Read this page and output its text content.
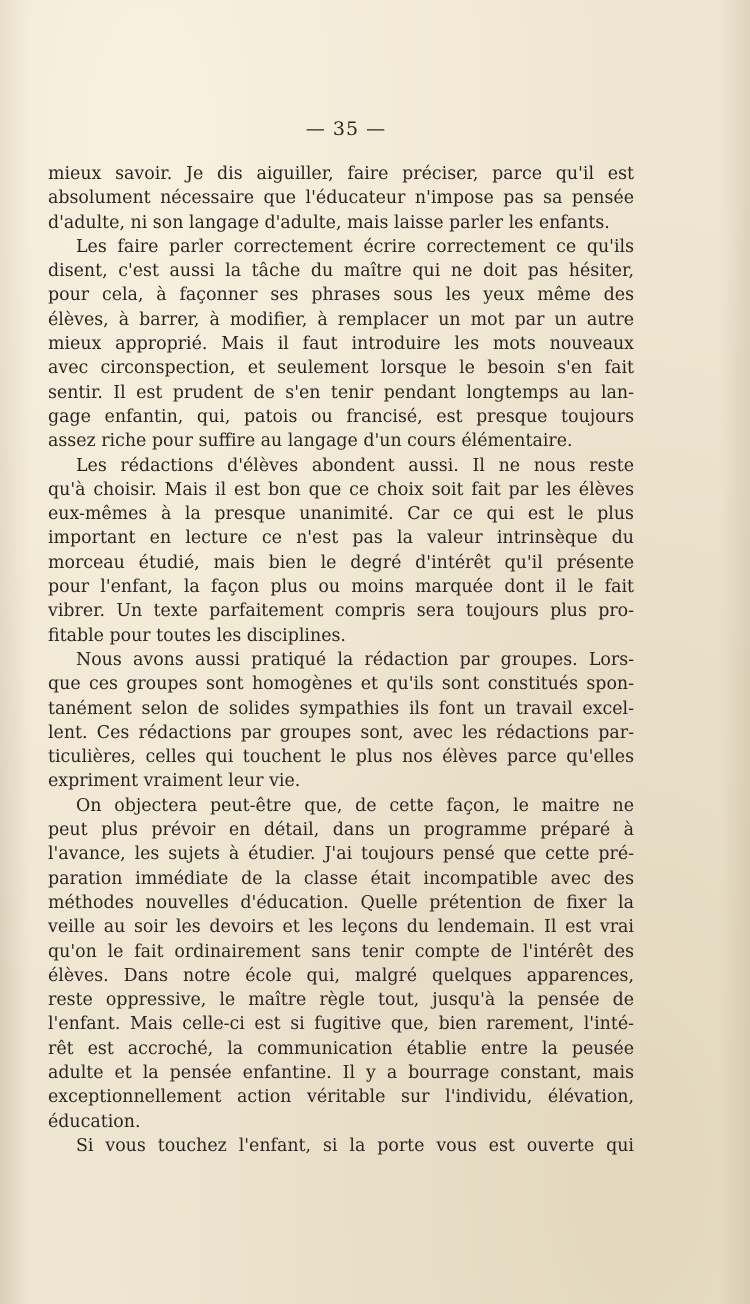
— 35 —
mieux savoir. Je dis aiguiller, faire préciser, parce qu'il est
absolument nécessaire que l'éducateur n'impose pas sa pensée
d'adulte, ni son langage d'adulte, mais laisse parler les enfants.
Les faire parler correctement écrire correctement ce qu'ils
disent, c'est aussi la tâche du maître qui ne doit pas hésiter,
pour cela, à façonner ses phrases sous les yeux même des
élèves, à barrer, à modifier, à remplacer un mot par un autre
mieux approprié. Mais il faut introduire les mots nouveaux
avec circonspection, et seulement lorsque le besoin s'en fait
sentir. Il est prudent de s'en tenir pendant longtemps au lan-
gage enfantin, qui, patois ou francisé, est presque toujours
assez riche pour suffire au langage d'un cours élémentaire.
Les rédactions d'élèves abondent aussi. Il ne nous reste
qu'à choisir. Mais il est bon que ce choix soit fait par les élèves
eux-mêmes à la presque unanimité. Car ce qui est le plus
important en lecture ce n'est pas la valeur intrinsèque du
morceau étudié, mais bien le degré d'intérêt qu'il présente
pour l'enfant, la façon plus ou moins marquée dont il le fait
vibrer. Un texte parfaitement compris sera toujours plus pro-
fitable pour toutes les disciplines.
Nous avons aussi pratiqué la rédaction par groupes. Lors-
que ces groupes sont homogènes et qu'ils sont constitués spon-
tanément selon de solides sympathies ils font un travail excel-
lent. Ces rédactions par groupes sont, avec les rédactions par-
ticulières, celles qui touchent le plus nos élèves parce qu'elles
expriment vraiment leur vie.
On objectera peut-être que, de cette façon, le maitre ne
peut plus prévoir en détail, dans un programme préparé à
l'avance, les sujets à étudier. J'ai toujours pensé que cette pré-
paration immédiate de la classe était incompatible avec des
méthodes nouvelles d'éducation. Quelle prétention de fixer la
veille au soir les devoirs et les leçons du lendemain. Il est vrai
qu'on le fait ordinairement sans tenir compte de l'intérêt des
élèves. Dans notre école qui, malgré quelques apparences,
reste oppressive, le maître règle tout, jusqu'à la pensée de
l'enfant. Mais celle-ci est si fugitive que, bien rarement, l'inté-
rêt est accroché, la communication établie entre la peusée
adulte et la pensée enfantine. Il y a bourrage constant, mais
exceptionnellement action véritable sur l'individu, élévation,
éducation.
Si vous touchez l'enfant, si la porte vous est ouverte qui
